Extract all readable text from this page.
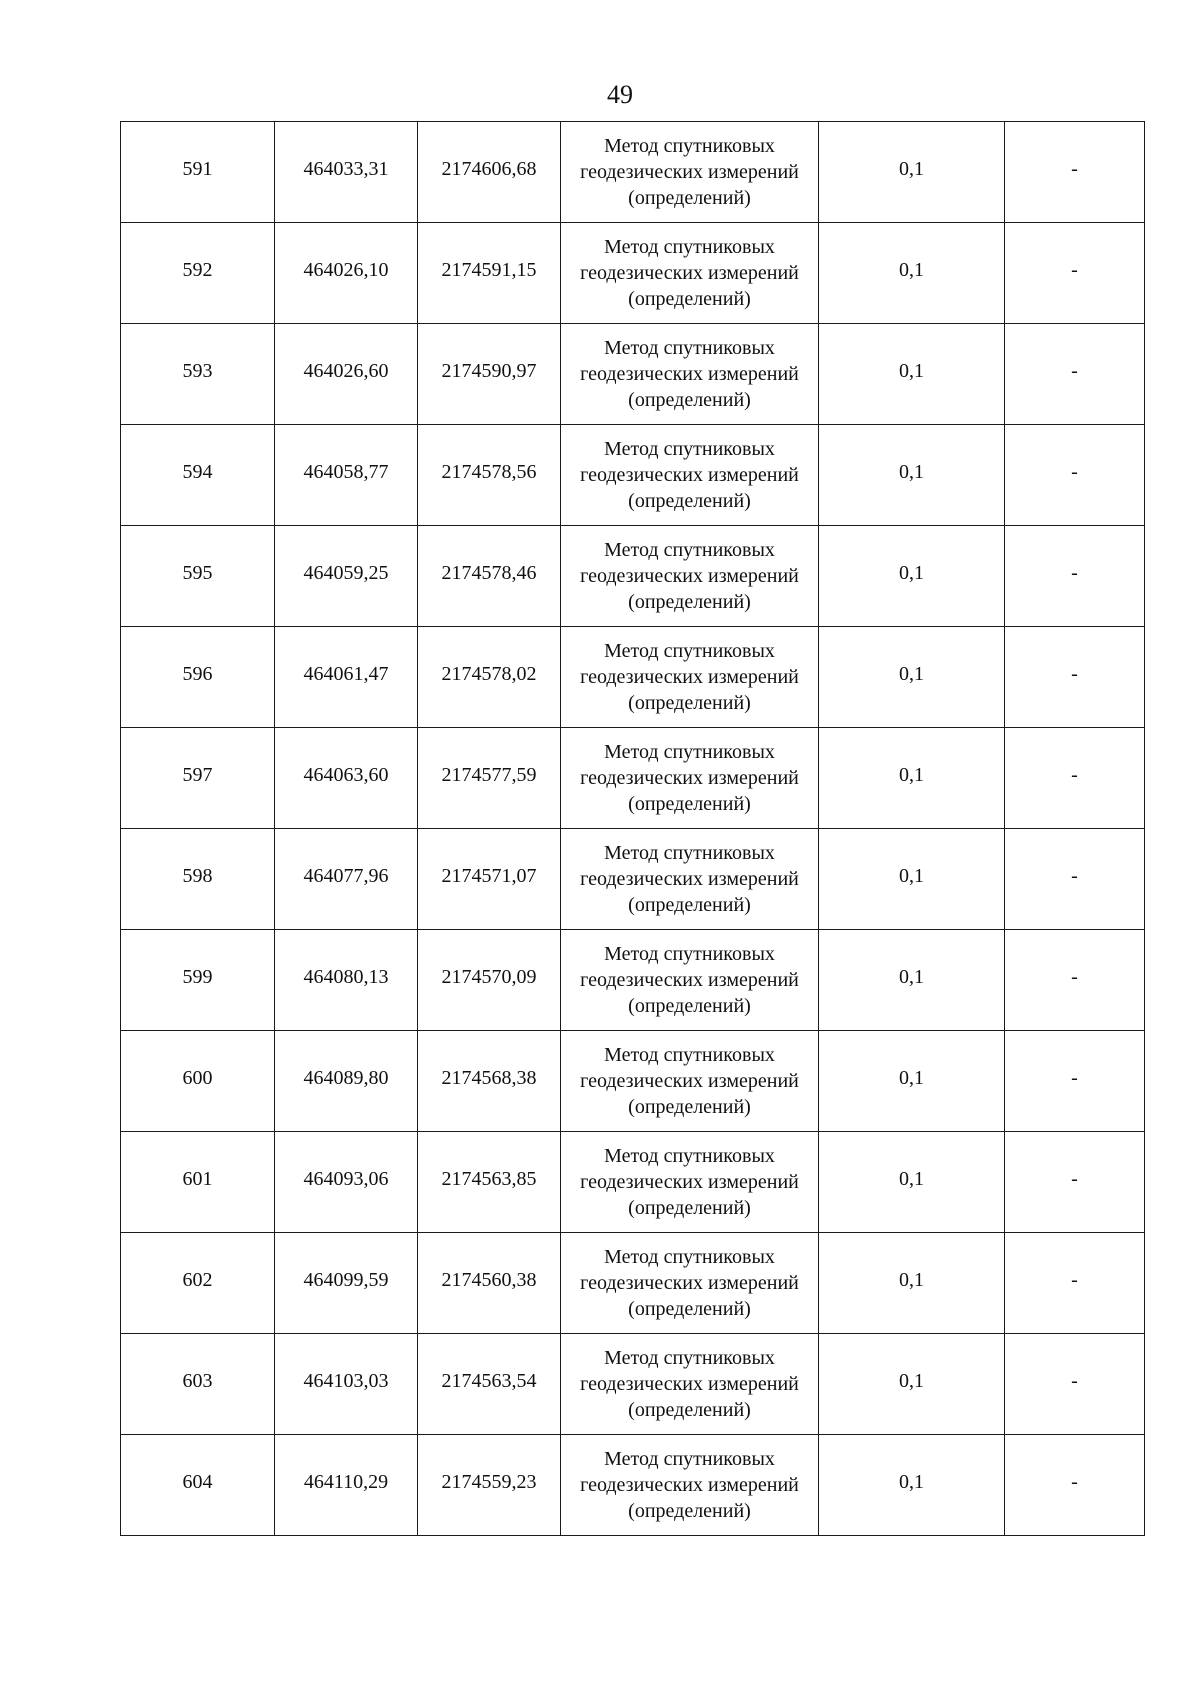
49
591	464033,31	2174606,68	Метод спутниковых
геодезических измерений
(определений)	0,1	-
592	464026,10	2174591,15	Метод спутниковых
геодезических измерений
(определений)	0,1	-
593	464026,60	2174590,97	Метод спутниковых
геодезических измерений
(определений)	0,1	-
594	464058,77	2174578,56	Метод спутниковых
геодезических измерений
(определений)	0,1	-
595	464059,25	2174578,46	Метод спутниковых
геодезических измерений
(определений)	0,1	-
596	464061,47	2174578,02	Метод спутниковых
геодезических измерений
(определений)	0,1	-
597	464063,60	2174577,59	Метод спутниковых
геодезических измерений
(определений)	0,1	-
598	464077,96	2174571,07	Метод спутниковых
геодезических измерений
(определений)	0,1	-
599	464080,13	2174570,09	Метод спутниковых
геодезических измерений
(определений)	0,1	-
600	464089,80	2174568,38	Метод спутниковых
геодезических измерений
(определений)	0,1	-
601	464093,06	2174563,85	Метод спутниковых
геодезических измерений
(определений)	0,1	-
602	464099,59	2174560,38	Метод спутниковых
геодезических измерений
(определений)	0,1	-
603	464103,03	2174563,54	Метод спутниковых
геодезических измерений
(определений)	0,1	-
604	464110,29	2174559,23	Метод спутниковых
геодезических измерений
(определений)	0,1	-
